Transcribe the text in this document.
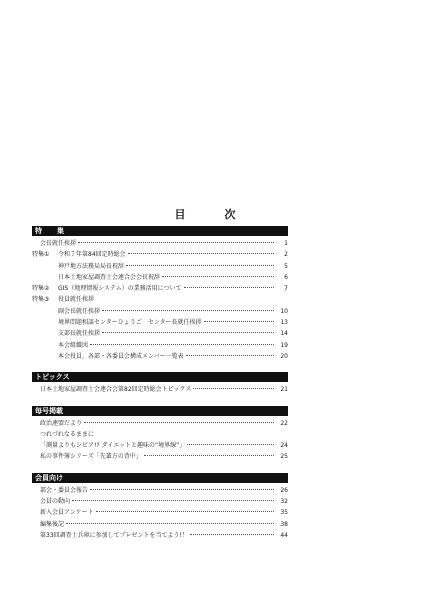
目　次
特　集
会長就任挨拶	1
特集①	令和７年第84回定時総会	2
神戸地方法務局局長祝辞	5
日本土地家屋調査士会連合会会長祝辞	6
特集②	GIS（地理情報システム）の業務活用について	7
特集③	役員就任挨拶
副会長就任挨拶	10
境界問題相談センターひょうご　センター長就任挨拶	13
支部長就任挨拶	14
本会組織図	19
本会役員、各部・各委員会構成メンバー一覧表	20
トピックス
日本土地家屋調査士会連合会第82回定時総会トピックス	21
毎号掲載
政治連盟だより	22
つれづれなるままに
「測量よりもシビア!? ダイエットと趣味の“境界線”」	24
私の事件簿シリーズ「先輩方の背中」	25
会員向け
部会・委員会報告	26
会員の動向	32
新入会員アンケート	35
編集後記	38
第33回調査士兵庫に参加してプレゼントを当てよう!！	44
